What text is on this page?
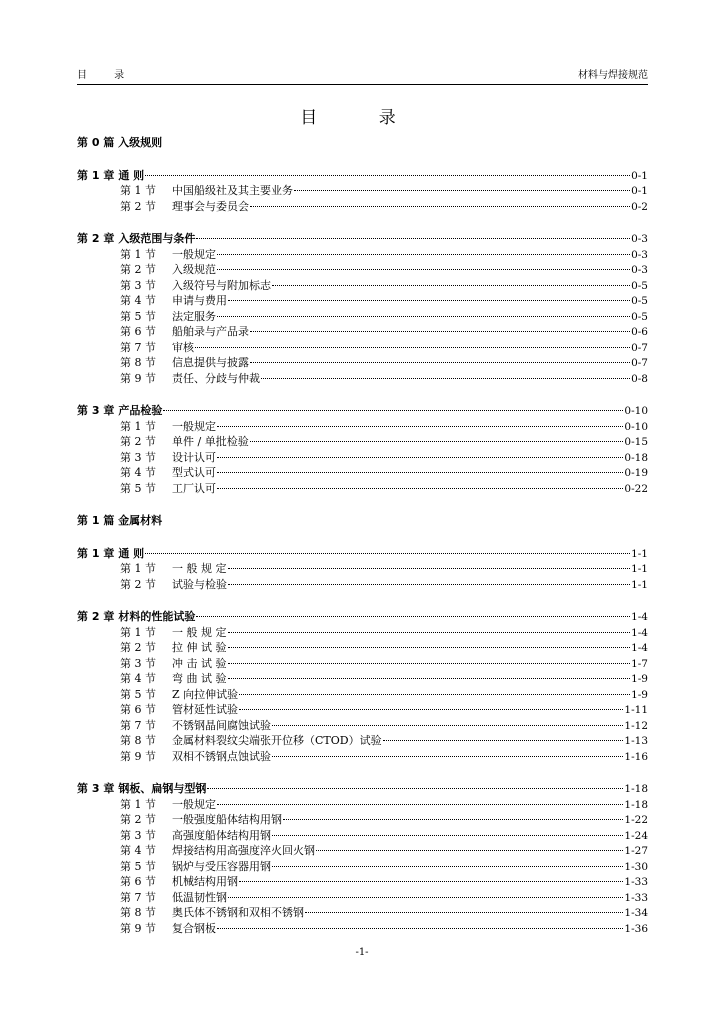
目 录	材料与焊接规范
目 录
第 0 篇 入级规则
第 1 章 通 则	0-1
第 1 节	中国船级社及其主要业务	0-1
第 2 节	理事会与委员会	0-2
第 2 章 入级范围与条件	0-3
第 1 节	一般规定	0-3
第 2 节	入级规范	0-3
第 3 节	入级符号与附加标志	0-5
第 4 节	申请与费用	0-5
第 5 节	法定服务	0-5
第 6 节	船舶录与产品录	0-6
第 7 节	审核	0-7
第 8 节	信息提供与披露	0-7
第 9 节	责任、分歧与仲裁	0-8
第 3 章 产品检验	0-10
第 1 节	一般规定	0-10
第 2 节	单件 / 单批检验	0-15
第 3 节	设计认可	0-18
第 4 节	型式认可	0-19
第 5 节	工厂认可	0-22
第 1 篇 金属材料
第 1 章 通 则	1-1
第 1 节	一 般 规 定	1-1
第 2 节	试验与检验	1-1
第 2 章 材料的性能试验	1-4
第 1 节	一 般 规 定	1-4
第 2 节	拉 伸 试 验	1-4
第 3 节	冲 击 试 验	1-7
第 4 节	弯 曲 试 验	1-9
第 5 节	Z 向拉伸试验	1-9
第 6 节	管材延性试验	1-11
第 7 节	不锈钢晶间腐蚀试验	1-12
第 8 节	金属材料裂纹尖端张开位移（CTOD）试验	1-13
第 9 节	双相不锈钢点蚀试验	1-16
第 3 章 钢板、扁钢与型钢	1-18
第 1 节	一般规定	1-18
第 2 节	一般强度船体结构用钢	1-22
第 3 节	高强度船体结构用钢	1-24
第 4 节	焊接结构用高强度淬火回火钢	1-27
第 5 节	锅炉与受压容器用钢	1-30
第 6 节	机械结构用钢	1-33
第 7 节	低温韧性钢	1-33
第 8 节	奥氏体不锈钢和双相不锈钢	1-34
第 9 节	复合钢板	1-36
-1-
